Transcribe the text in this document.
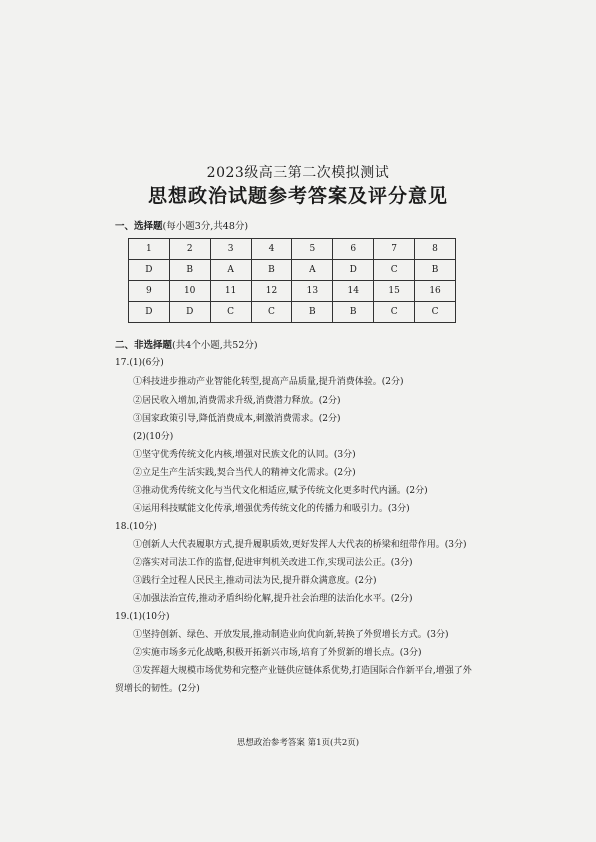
2023级高三第二次模拟测试
思想政治试题参考答案及评分意见
一、选择题(每小题3分,共48分)
1	2	3	4	5	6	7	8
D	B	A	B	A	D	C	B
9	10	11	12	13	14	15	16
D	D	C	C	B	B	C	C
二、非选择题(共4个小题,共52分)
17.(1)(6分)
①科技进步推动产业智能化转型,提高产品质量,提升消费体验。(2分)
②居民收入增加,消费需求升级,消费潜力释放。(2分)
③国家政策引导,降低消费成本,刺激消费需求。(2分)
(2)(10分)
①坚守优秀传统文化内核,增强对民族文化的认同。(3分)
②立足生产生活实践,契合当代人的精神文化需求。(2分)
③推动优秀传统文化与当代文化相适应,赋予传统文化更多时代内涵。(2分)
④运用科技赋能文化传承,增强优秀传统文化的传播力和吸引力。(3分)
18.(10分)
①创新人大代表履职方式,提升履职质效,更好发挥人大代表的桥梁和纽带作用。(3分)
②落实对司法工作的监督,促进审判机关改进工作,实现司法公正。(3分)
③践行全过程人民民主,推动司法为民,提升群众满意度。(2分)
④加强法治宣传,推动矛盾纠纷化解,提升社会治理的法治化水平。(2分)
19.(1)(10分)
①坚持创新、绿色、开放发展,推动制造业向优向新,转换了外贸增长方式。(3分)
②实施市场多元化战略,积极开拓新兴市场,培育了外贸新的增长点。(3分)
③发挥超大规模市场优势和完整产业链供应链体系优势,打造国际合作新平台,增强了外
贸增长的韧性。(2分)
思想政治参考答案 第1页(共2页)
